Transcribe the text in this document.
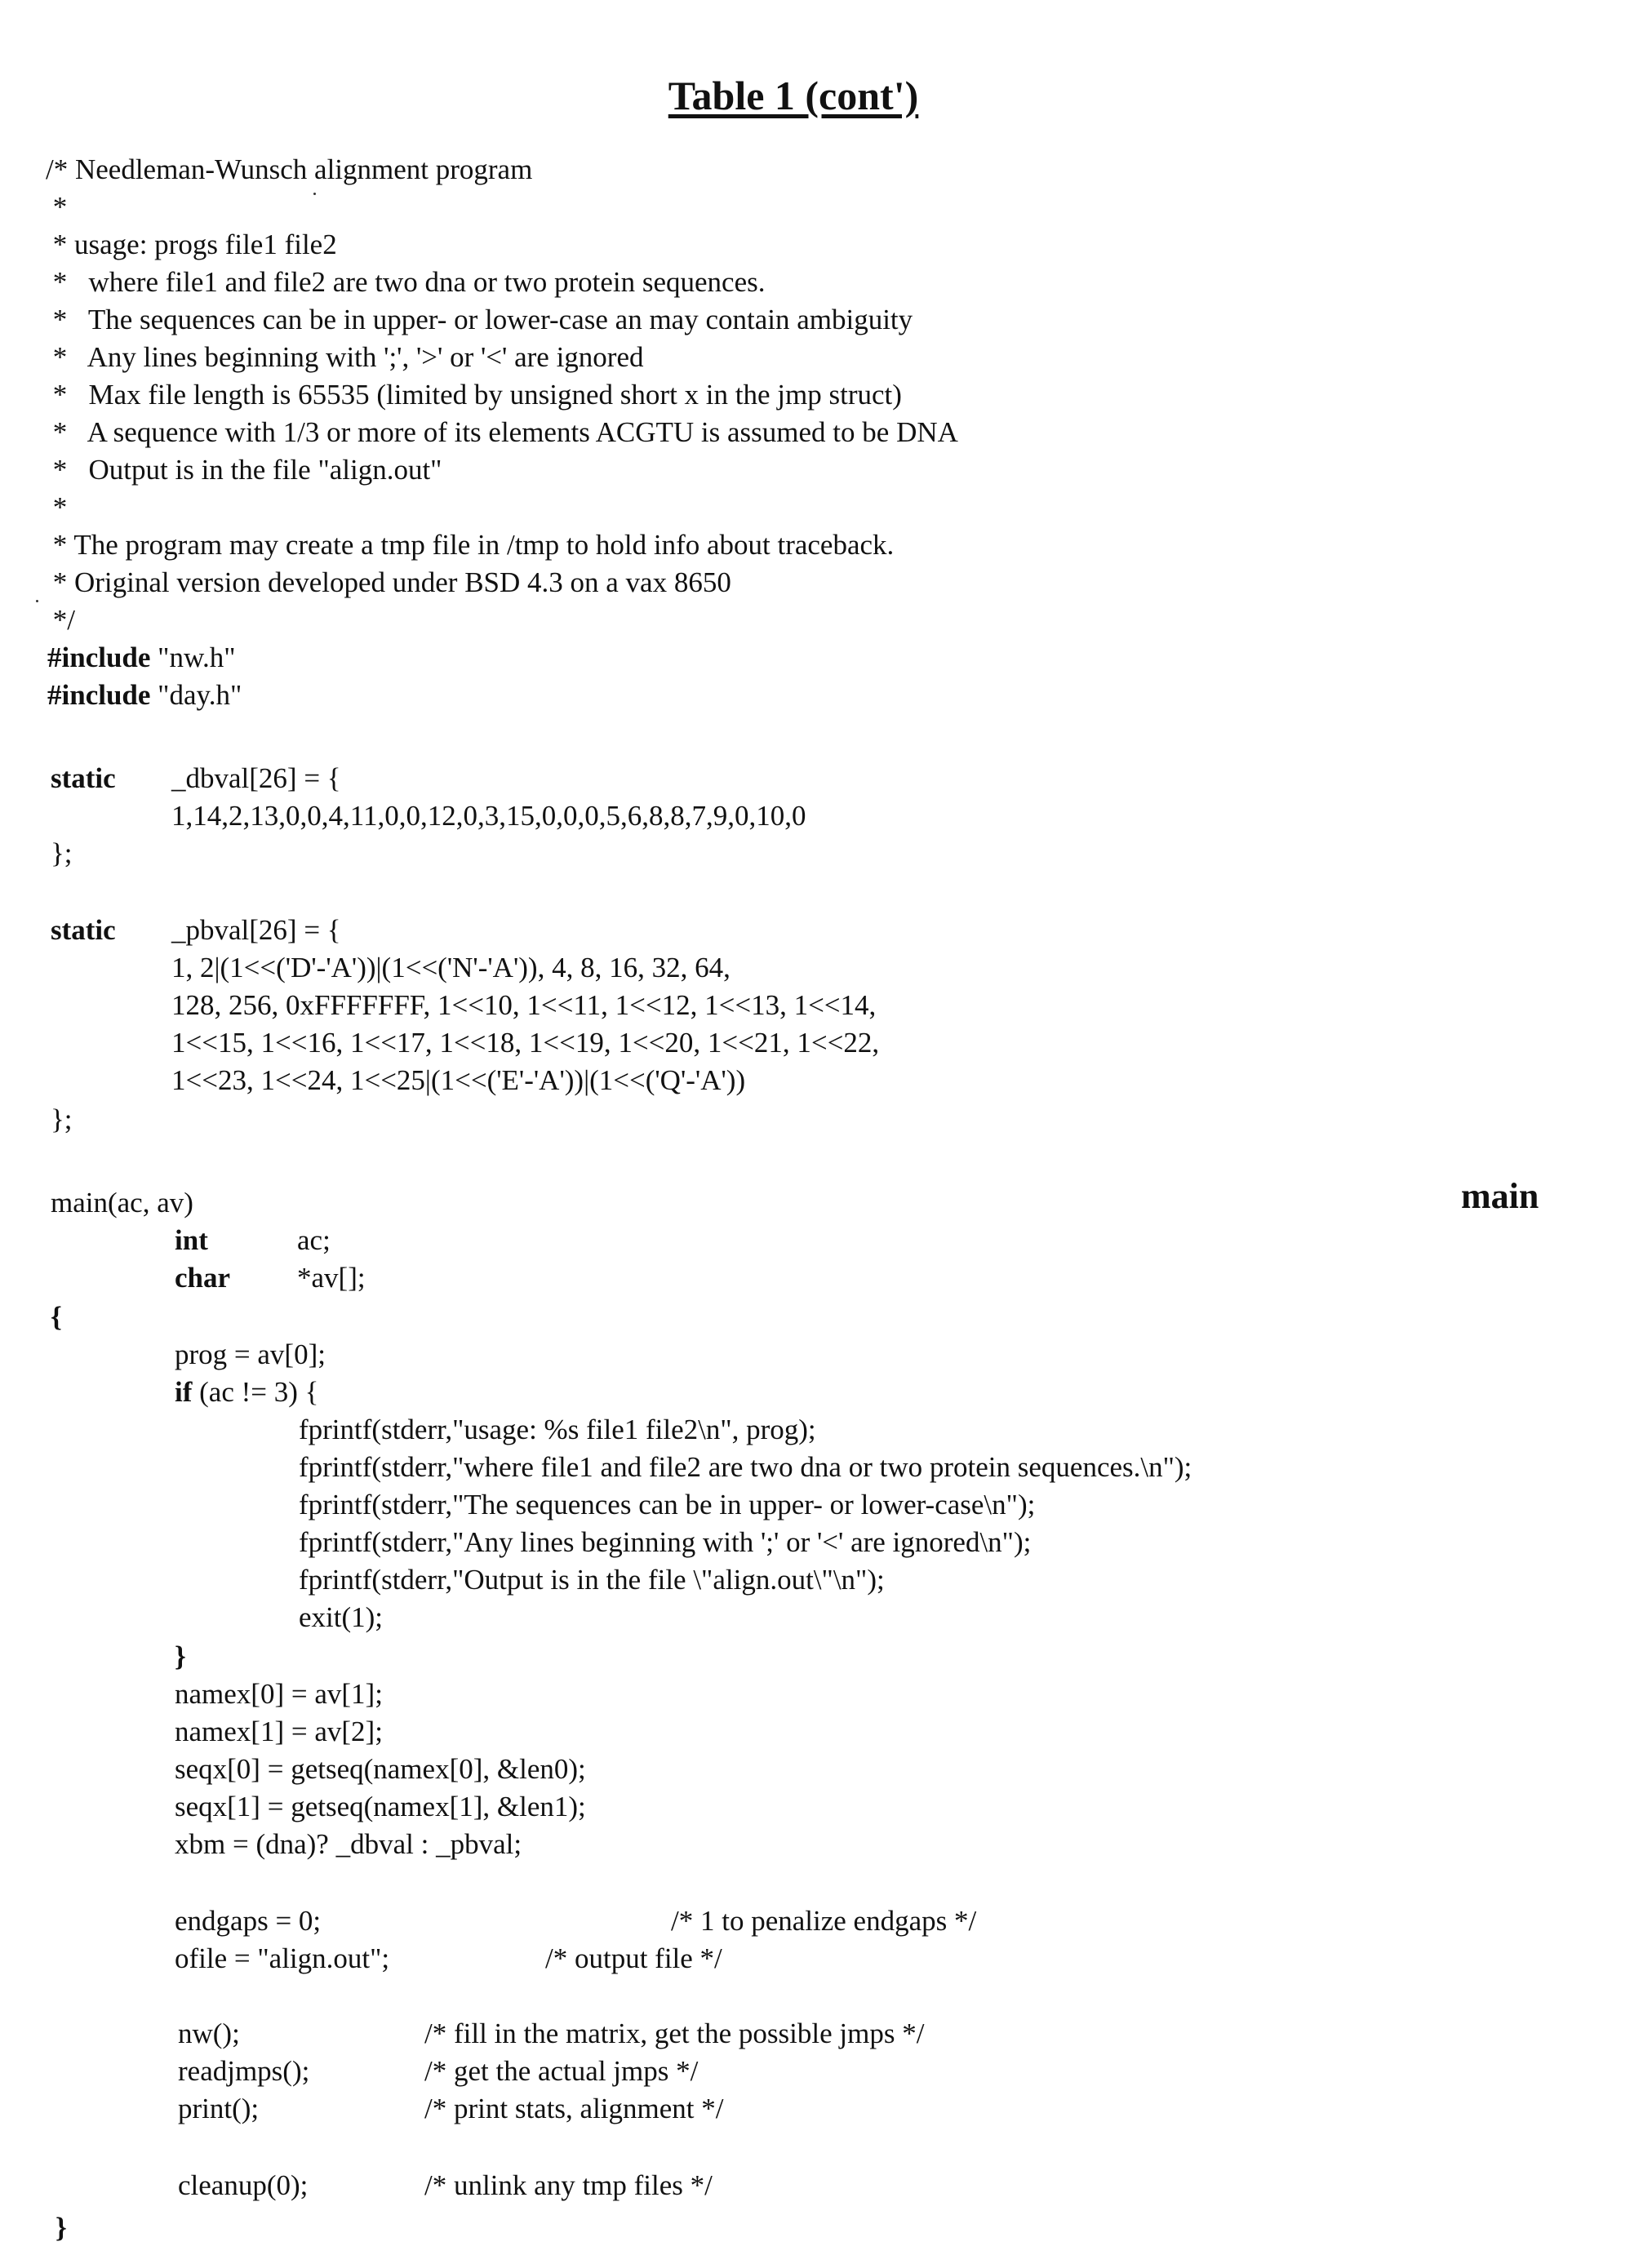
Table 1 (cont')
/* Needleman-Wunsch alignment program
*
* usage: progs file1 file2
*   where file1 and file2 are two dna or two protein sequences.
*   The sequences can be in upper- or lower-case an may contain ambiguity
*   Any lines beginning with ';', '>' or '<' are ignored
*   Max file length is 65535 (limited by unsigned short x in the jmp struct)
*   A sequence with 1/3 or more of its elements ACGTU is assumed to be DNA
*   Output is in the file "align.out"
*
* The program may create a tmp file in /tmp to hold info about traceback.
* Original version developed under BSD 4.3 on a vax 8650
*/
#include "nw.h"
#include "day.h"
static _dbval[26] = {
1,14,2,13,0,0,4,11,0,0,12,0,3,15,0,0,0,5,6,8,8,7,9,0,10,0
};
static _pbval[26] = {
1, 2|(1<<('D'-'A'))|(1<<('N'-'A')), 4, 8, 16, 32, 64,
128, 256, 0xFFFFFFF, 1<<10, 1<<11, 1<<12, 1<<13, 1<<14,
1<<15, 1<<16, 1<<17, 1<<18, 1<<19, 1<<20, 1<<21, 1<<22,
1<<23, 1<<24, 1<<25|(1<<('E'-'A'))|(1<<('Q'-'A'))
};
main
main(ac, av)
int	ac;
char *av[];
{
prog = av[0];
if (ac != 3) {
fprintf(stderr,"usage: %s file1 file2\n", prog);
fprintf(stderr,"where file1 and file2 are two dna or two protein sequences.\n");
fprintf(stderr,"The sequences can be in upper- or lower-case\n");
fprintf(stderr,"Any lines beginning with ';' or '<' are ignored\n");
fprintf(stderr,"Output is in the file \"align.out\"\n");
exit(1);
}
namex[0] = av[1];
namex[1] = av[2];
seqx[0] = getseq(namex[0], &len0);
seqx[1] = getseq(namex[1], &len1);
xbm = (dna)? _dbval : _pbval;
endgaps = 0;	/* 1 to penalize endgaps */
ofile = "align.out";	/* output file */
nw();	/* fill in the matrix, get the possible jmps */
readjmps();	/* get the actual jmps */
print();	/* print stats, alignment */
cleanup(0);	/* unlink any tmp files */
}
